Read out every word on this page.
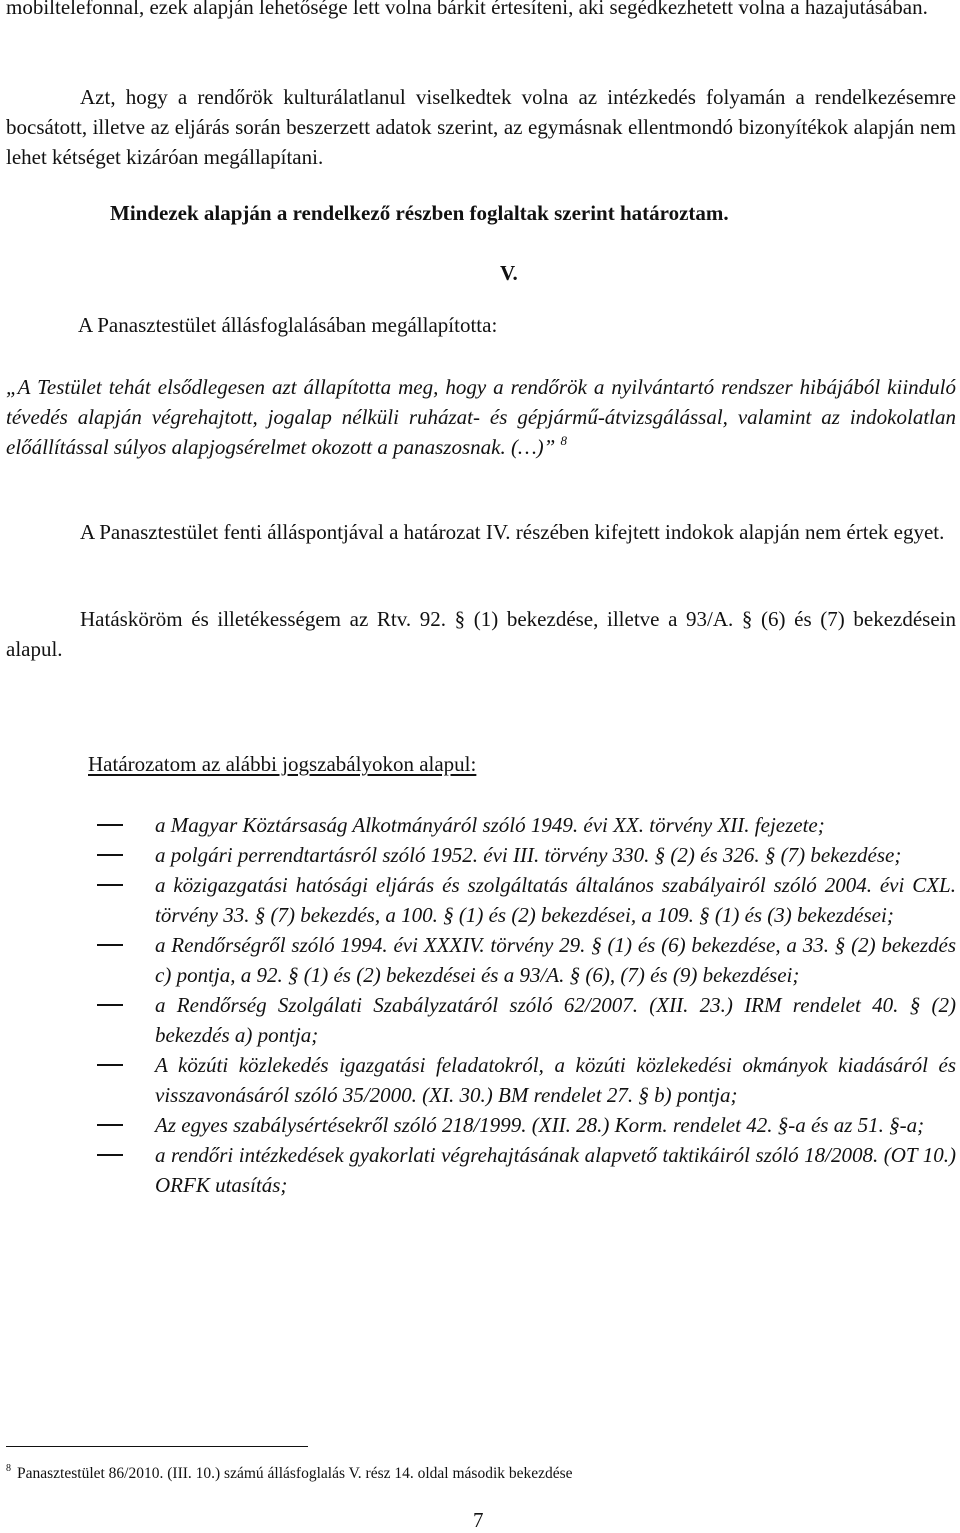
mobiltelefonnal, ezek alapján lehetősége lett volna bárkit értesíteni, aki segédkezhetett volna a hazajutásában.

Azt, hogy a rendőrök kulturálatlanul viselkedtek volna az intézkedés folyamán a rendelkezésemre bocsátott, illetve az eljárás során beszerzett adatok szerint, az egymásnak ellentmondó bizonyítékok alapján nem lehet kétséget kizáróan megállapítani.

Mindezek alapján a rendelkező részben foglaltak szerint határoztam.

V.

A Panasztestület állásfoglalásában megállapította:

„A Testület tehát elsődlegesen azt állapította meg, hogy a rendőrök a nyilvántartó rendszer hibájából kiinduló tévedés alapján végrehajtott, jogalap nélküli ruházat- és gépjármű-átvizsgálással, valamint az indokolatlan előállítással súlyos alapjogsérelmet okozott a panaszosnak. (…)” $^8$

A Panasztestület fenti álláspontjával a határozat IV. részében kifejtett indokok alapján nem értek egyet.

Hatásköröm és illetékességem az Rtv. 92. § (1) bekezdése, illetve a 93/A. § (6) és (7) bekezdésein alapul.

Határozatom az alábbi jogszabályokon alapul:
a Magyar Köztársaság Alkotmányáról szóló 1949. évi XX. törvény XII. fejezete;
a polgári perrendtartásról szóló 1952. évi III. törvény 330. § (2) és 326. § (7) bekezdése;
a közigazgatási hatósági eljárás és szolgáltatás általános szabályairól szóló 2004. évi CXL. törvény 33. § (7) bekezdés, a 100. § (1) és (2) bekezdései, a 109. § (1) és (3) bekezdései;
a Rendőrségről szóló 1994. évi XXXIV. törvény 29. § (1) és (6) bekezdése, a 33. § (2) bekezdés c) pontja, a 92. § (1) és (2) bekezdései és a 93/A. § (6), (7) és (9) bekezdései;
a Rendőrség Szolgálati Szabályzatáról szóló 62/2007. (XII. 23.) IRM rendelet 40. § (2) bekezdés a) pontja;
A közúti közlekedés igazgatási feladatokról, a közúti közlekedési okmányok kiadásáról és visszavonásáról szóló 35/2000. (XI. 30.) BM rendelet 27. § b) pontja;
Az egyes szabálysértésekről szóló 218/1999. (XII. 28.) Korm. rendelet 42. §-a és az 51. §-a;
a rendőri intézkedések gyakorlati végrehajtásának alapvető taktikáiról szóló 18/2008. (OT 10.) ORFK utasítás;
$^8$ Panasztestület 86/2010. (III. 10.) számú állásfoglalás V. rész 14. oldal második bekezdése
7
